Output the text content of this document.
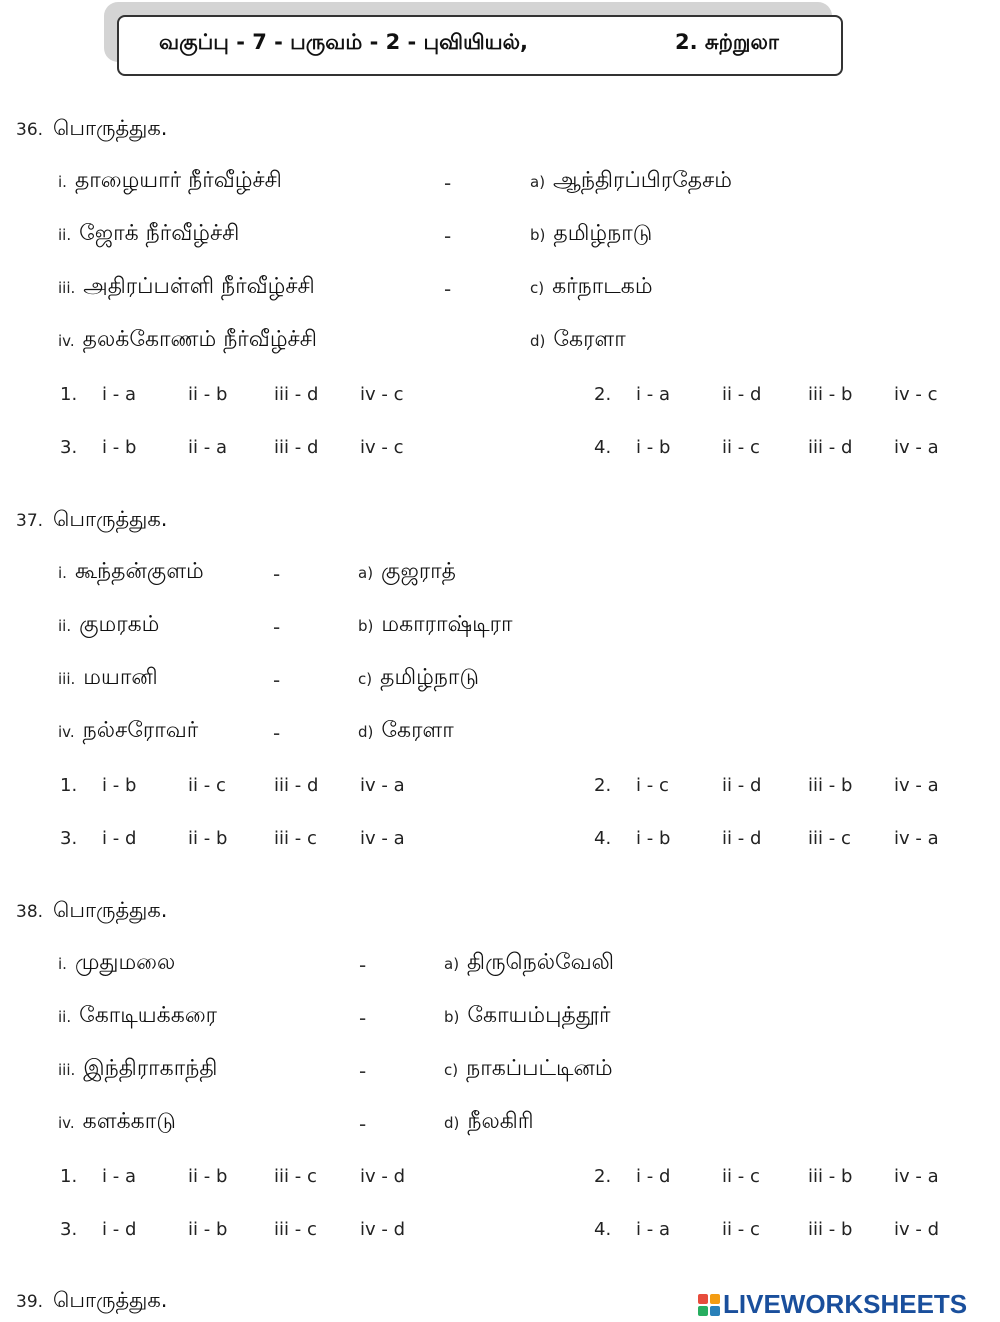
வகுப்பு - 7 - பருவம் - 2 - புவியியல்,	2. சுற்றுலா
36. பொருத்துக.
i. தாழையார் நீர்வீழ்ச்சி	-	a) ஆந்திரப்பிரதேசம்
ii. ஜோக் நீர்வீழ்ச்சி	-	b) தமிழ்நாடு
iii. அதிரப்பள்ளி நீர்வீழ்ச்சி	-	c) கர்நாடகம்
iv. தலக்கோணம் நீர்வீழ்ச்சி	d) கேரளா
1. i - a	ii - b	iii - d iv - c	2. i - a	ii - d	iii - b iv - c
3. i - b	ii - a	iii - d iv - c	4. i - b	ii - c	iii - d iv - a
37. பொருத்துக.
i. கூந்தன்குளம்	-	a) குஜராத்
ii. குமரகம்	-	b) மகாராஷ்டிரா
iii. மயானி	-	c) தமிழ்நாடு
iv. நல்சரோவர்	-	d) கேரளா
1. i - b	ii - c	iii - d iv - a	2. i - c	ii - d	iii - b iv - a
3. i - d	ii - b	iii - c iv - a	4. i - b	ii - d	iii - c iv - a
38. பொருத்துக.
i. முதுமலை	-	a) திருநெல்வேலி
ii. கோடியக்கரை	-	b) கோயம்புத்தூர்
iii. இந்திராகாந்தி	-	c) நாகப்பட்டினம்
iv. களக்காடு	-	d) நீலகிரி
1. i - a	ii - b	iii - c iv - d	2. i - d	ii - c	iii - b iv - a
3. i - d	ii - b	iii - c iv - d	4. i - a	ii - c	iii - b iv - d
39. பொருத்துக.	LIVEWORKSHEETS
